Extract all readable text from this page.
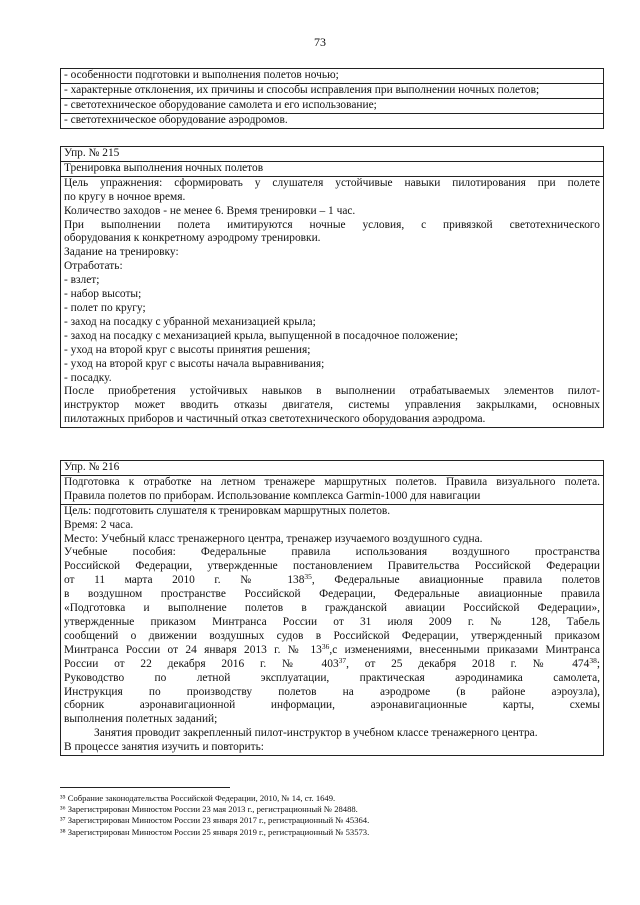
73
- особенности подготовки и выполнения полетов ночью;
- характерные отклонения, их причины и способы исправления при выполнении ночных полетов;
- светотехническое оборудование самолета и его использование;
- светотехническое оборудование аэродромов.
Упр. № 215
Тренировка выполнения ночных полетов
Цель упражнения: сформировать у слушателя устойчивые навыки пилотирования при полете
по кругу в ночное время.
Количество заходов - не менее 6. Время тренировки – 1 час.
При выполнении полета имитируются ночные условия, с привязкой светотехнического
оборудования к конкретному аэродрому тренировки.
Задание на тренировку:
Отработать:
- взлет;
- набор высоты;
- полет по кругу;
- заход на посадку с убранной механизацией крыла;
- заход на посадку с механизацией крыла, выпущенной в посадочное положение;
- уход на второй круг с высоты принятия решения;
- уход на второй круг с высоты начала выравнивания;
- посадку.
После приобретения устойчивых навыков в выполнении отрабатываемых элементов пилот-
инструктор может вводить отказы двигателя, системы управления закрылками, основных
пилотажных приборов и частичный отказ светотехнического оборудования аэродрома.
Упр. № 216
Подготовка к отработке на летном тренажере маршрутных полетов. Правила визуального полета.
Правила полетов по приборам. Использование комплекса Garmin-1000 для навигации
Цель: подготовить слушателя к тренировкам маршрутных полетов.
Время: 2 часа.
Место: Учебный класс тренажерного центра, тренажер изучаемого воздушного судна.
Учебные пособия: Федеральные правила использования воздушного пространства
Российской Федерации, утвержденные постановлением Правительства Российской Федерации
от 11 марта 2010 г. № $138^{35}$, Федеральные авиационные правила полетов
в воздушном пространстве Российской Федерации, Федеральные авиационные правила
«Подготовка и выполнение полетов в гражданской авиации Российской Федерации»,
утвержденные приказом Минтранса России от 31 июля 2009 г. № 128, Табель
сообщений о движении воздушных судов в Российской Федерации, утвержденный приказом
Минтранса России от 24 января 2013 г. № $13^{36},с$ изменениями, внесенными приказами Минтранса
России от 22 декабря 2016 г. № $403^{37}$, от 25 декабря 2018 г. № $474^{38}$;
Руководство по летной эксплуатации, практическая аэродинамика самолета,
Инструкция по производству полетов на аэродроме (в районе аэроузла),
сборник аэронавигационной информации, аэронавигационные карты, схемы
выполнения полетных заданий;
Занятия проводит закрепленный пилот-инструктор в учебном классе тренажерного центра.
В процессе занятия изучить и повторить:
³⁵ Собрание законодательства Российской Федерации, 2010, № 14, ст. 1649.
³⁶ Зарегистрирован Минюстом России 23 мая 2013 г., регистрационный № 28488.
³⁷ Зарегистрирован Минюстом России 23 января 2017 г., регистрационный № 45364.
³⁸ Зарегистрирован Минюстом России 25 января 2019 г., регистрационный № 53573.
